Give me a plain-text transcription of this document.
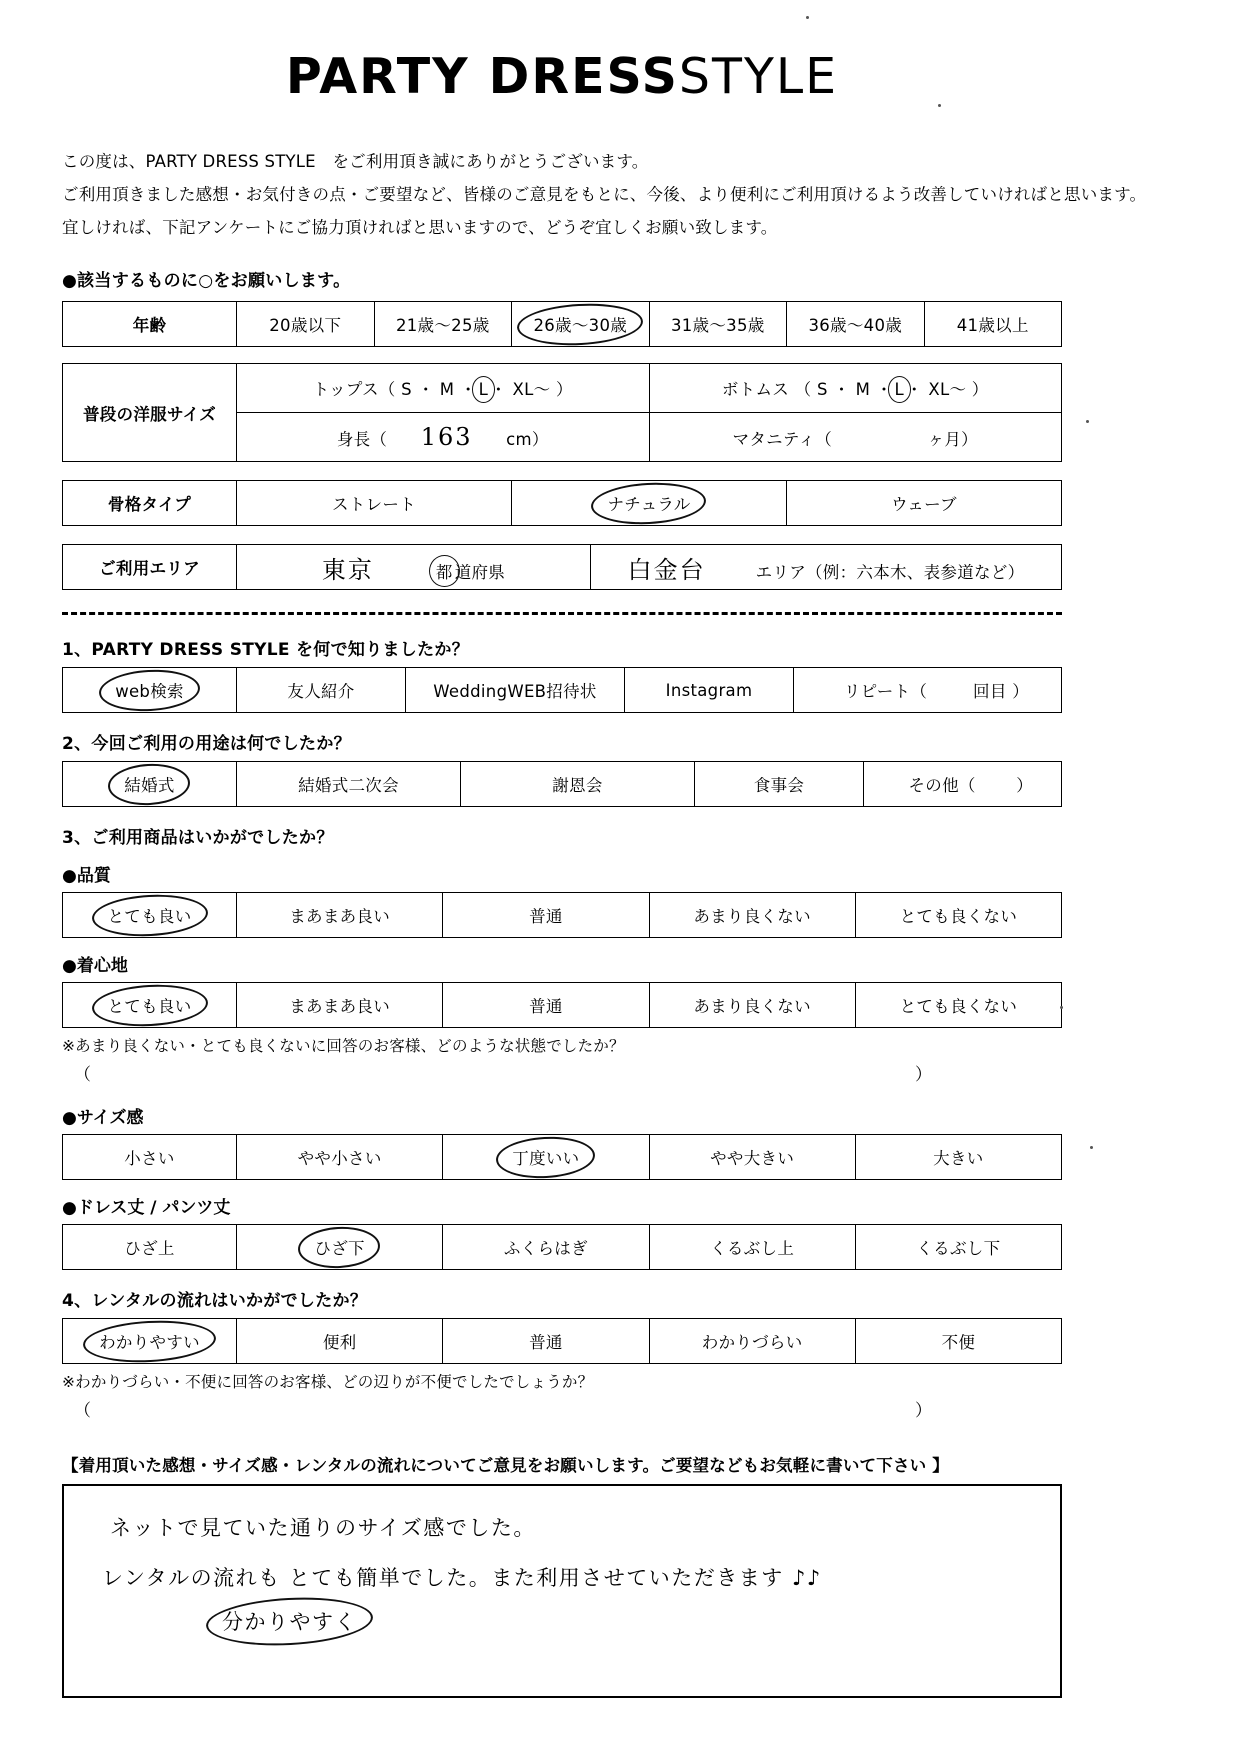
PARTY DRESSSTYLE
この度は、PARTY DRESS STYLE　をご利用頂き誠にありがとうございます。
ご利用頂きました感想・お気付きの点・ご要望など、皆様のご意見をもとに、今後、より便利にご利用頂けるよう改善していければと思います。
宜しければ、下記アンケートにご協力頂ければと思いますので、どうぞ宜しくお願い致します。
●該当するものに○をお願いします。
年齢	20歳以下	21歳〜25歳	26歳〜30歳	31歳〜35歳	36歳〜40歳	41歳以上
普段の洋服サイズ	トップス（ S ・ M ・ L ・ XL〜 ）	ボトムス （ S ・ M ・ L ・ XL〜 ）
	身長（ 163 cm）	マタニティ（ ヶ月）
骨格タイプ	ストレート	ナチュラル	ウェーブ
ご利用エリア	東京	都 道府県	白金台	エリア（例：六本木、表参道など）
1、PARTY DRESS STYLE を何で知りましたか？
web検索	友人紹介	WeddingWEB招待状	Instagram	リピート（	回目 ）
2、今回ご利用の用途は何でしたか？
結婚式	結婚式二次会	謝恩会	食事会	その他（ ）
3、ご利用商品はいかがでしたか？
●品質
とても良い	まあまあ良い	普通	あまり良くない	とても良くない
●着心地
とても良い	まあまあ良い	普通	あまり良くない	とても良くない
※あまり良くない・とても良くないに回答のお客様、どのような状態でしたか？
（	）
●サイズ感
小さい	やや小さい	丁度いい	やや大きい	大きい
●ドレス丈 / パンツ丈
ひざ上	ひざ下	ふくらはぎ	くるぶし上	くるぶし下
4、レンタルの流れはいかがでしたか？
わかりやすい	便利	普通	わかりづらい	不便
※わかりづらい・不便に回答のお客様、どの辺りが不便でしたでしょうか？
（	）
【着用頂いた感想・サイズ感・レンタルの流れについてご意見をお願いします。ご要望などもお気軽に書いて下さい 】
ネットで見ていた通りのサイズ感でした。
レンタルの流れも とても簡単でした。また利用させていただきます ♪♪
分かりやすく
